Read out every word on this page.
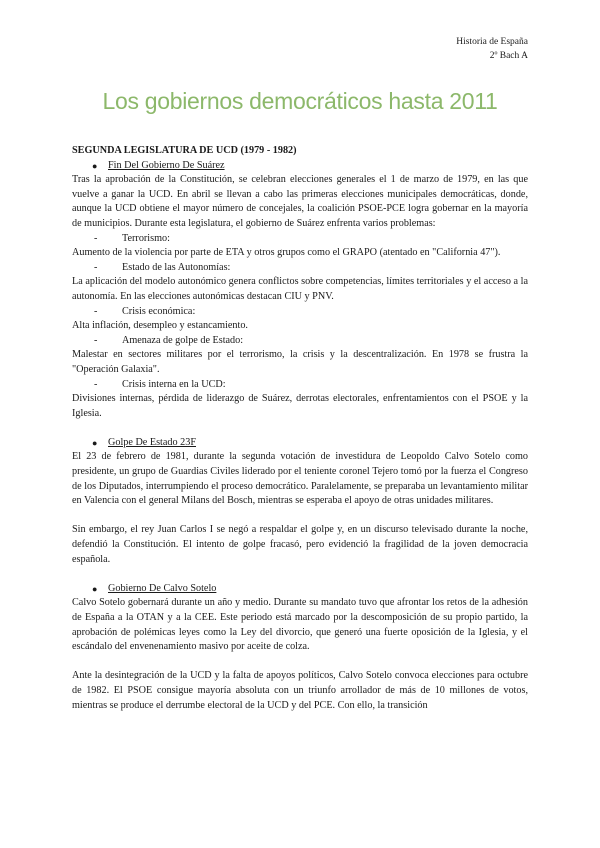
Historia de España
2º Bach A
Los gobiernos democráticos hasta 2011

SEGUNDA LEGISLATURA DE UCD (1979 - 1982)

● Fin Del Gobierno De Suárez

Tras la aprobación de la Constitución, se celebran elecciones generales el 1 de marzo de 1979, en las que vuelve a ganar la UCD. En abril se llevan a cabo las primeras elecciones municipales democráticas, donde, aunque la UCD obtiene el mayor número de concejales, la coalición PSOE-PCE logra gobernar en la mayoría de municipios. Durante esta legislatura, el gobierno de Suárez enfrenta varios problemas:

- Terrorismo:

Aumento de la violencia por parte de ETA y otros grupos como el GRAPO (atentado en "California 47").

- Estado de las Autonomías:

La aplicación del modelo autonómico genera conflictos sobre competencias, límites territoriales y el acceso a la autonomía. En las elecciones autonómicas destacan CIU y PNV.

- Crisis económica:

Alta inflación, desempleo y estancamiento.

- Amenaza de golpe de Estado:

Malestar en sectores militares por el terrorismo, la crisis y la descentralización. En 1978 se frustra la "Operación Galaxia".

- Crisis interna en la UCD:

Divisiones internas, pérdida de liderazgo de Suárez, derrotas electorales, enfrentamientos con el PSOE y la Iglesia.

● Golpe De Estado 23F

El 23 de febrero de 1981, durante la segunda votación de investidura de Leopoldo Calvo Sotelo como presidente, un grupo de Guardias Civiles liderado por el teniente coronel Tejero tomó por la fuerza el Congreso de los Diputados, interrumpiendo el proceso democrático. Paralelamente, se preparaba un levantamiento militar en Valencia con el general Milans del Bosch, mientras se esperaba el apoyo de otras unidades militares.

Sin embargo, el rey Juan Carlos I se negó a respaldar el golpe y, en un discurso televisado durante la noche, defendió la Constitución. El intento de golpe fracasó, pero evidenció la fragilidad de la joven democracia española.

● Gobierno De Calvo Sotelo

Calvo Sotelo gobernará durante un año y medio. Durante su mandato tuvo que afrontar los retos de la adhesión de España a la OTAN y a la CEE. Este periodo está marcado por la descomposición de su propio partido, la aprobación de polémicas leyes como la Ley del divorcio, que generó una fuerte oposición de la Iglesia, y el escándalo del envenenamiento masivo por aceite de colza.

Ante la desintegración de la UCD y la falta de apoyos políticos, Calvo Sotelo convoca elecciones para octubre de 1982. El PSOE consigue mayoría absoluta con un triunfo arrollador de más de 10 millones de votos, mientras se produce el derrumbe electoral de la UCD y del PCE. Con ello, la transición
